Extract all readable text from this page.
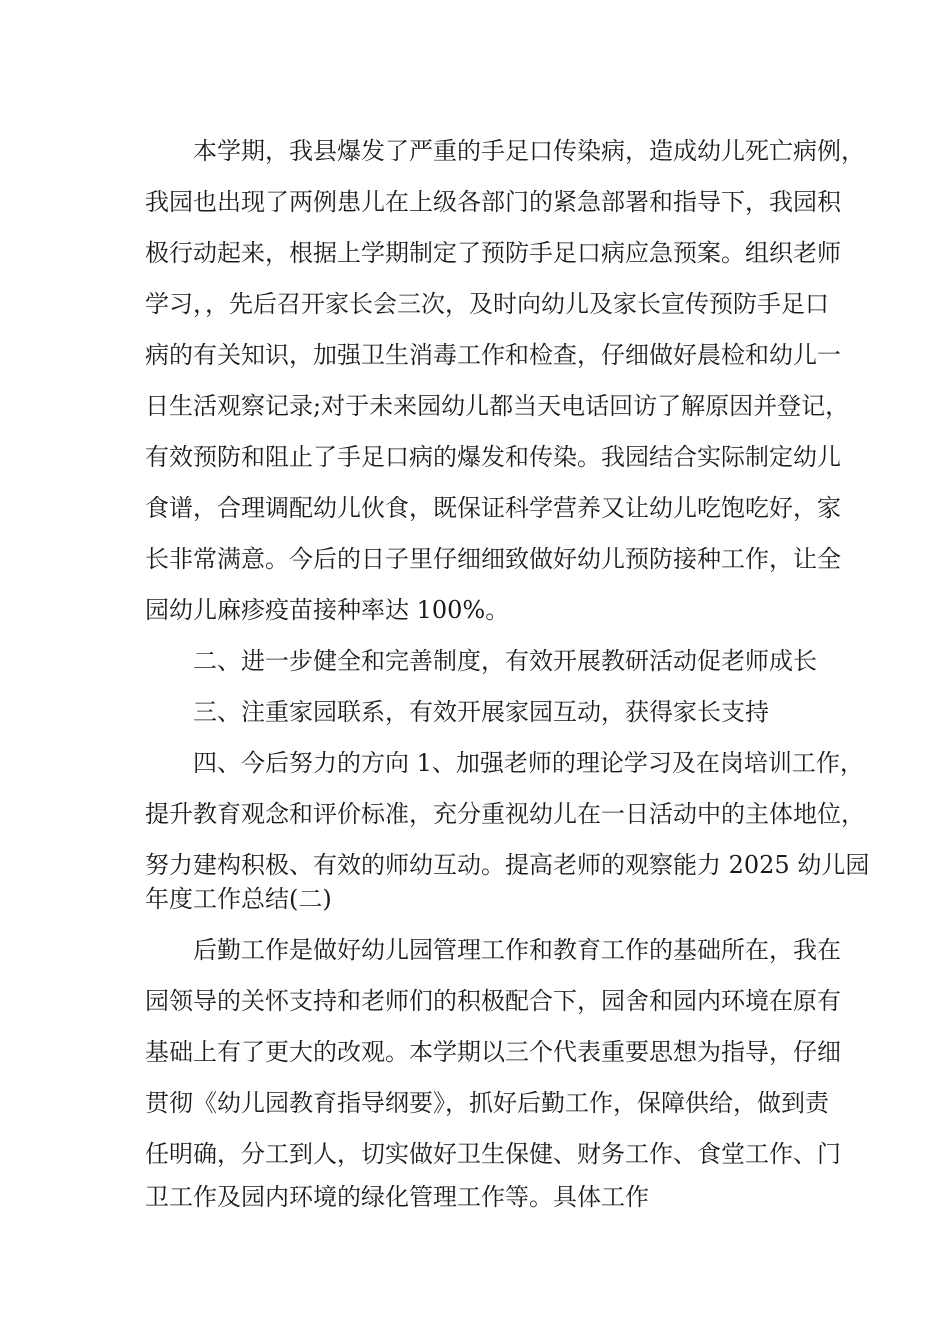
本学期，我县爆发了严重的手足口传染病，造成幼儿死亡病例，
我园也出现了两例患儿在上级各部门的紧急部署和指导下，我园积
极行动起来，根据上学期制定了预防手足口病应急预案。组织老师
学习，，先后召开家长会三次，及时向幼儿及家长宣传预防手足口
病的有关知识，加强卫生消毒工作和检查，仔细做好晨检和幼儿一
日生活观察记录;对于未来园幼儿都当天电话回访了解原因并登记，
有效预防和阻止了手足口病的爆发和传染。我园结合实际制定幼儿
食谱，合理调配幼儿伙食，既保证科学营养又让幼儿吃饱吃好，家
长非常满意。今后的日子里仔细细致做好幼儿预防接种工作，让全
园幼儿麻疹疫苗接种率达 100%。
二、进一步健全和完善制度，有效开展教研活动促老师成长
三、注重家园联系，有效开展家园互动，获得家长支持
四、今后努力的方向 1、加强老师的理论学习及在岗培训工作，
提升教育观念和评价标准，充分重视幼儿在一日活动中的主体地位，
努力建构积极、有效的师幼互动。提高老师的观察能力 2025 幼儿园
年度工作总结(二)
后勤工作是做好幼儿园管理工作和教育工作的基础所在，我在
园领导的关怀支持和老师们的积极配合下，园舍和园内环境在原有
基础上有了更大的改观。本学期以三个代表重要思想为指导，仔细
贯彻《幼儿园教育指导纲要》，抓好后勤工作，保障供给，做到责
任明确，分工到人，切实做好卫生保健、财务工作、食堂工作、门
卫工作及园内环境的绿化管理工作等。具体工作
